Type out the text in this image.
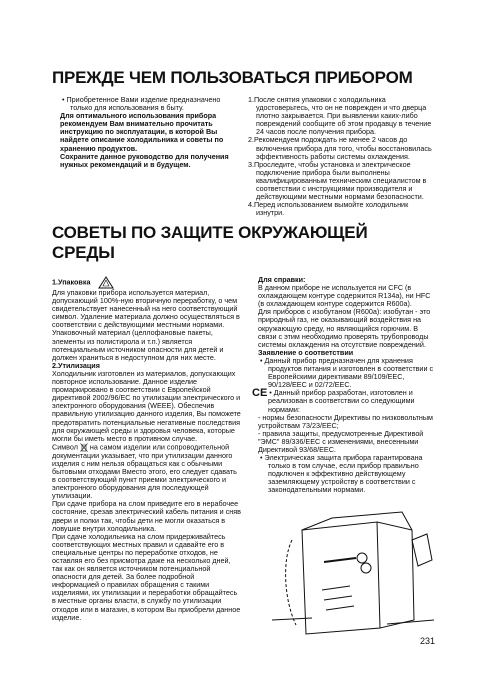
ПРЕЖДЕ ЧЕМ ПОЛЬЗОВАТЬСЯ ПРИБОРОМ

• Приобретенное Вами изделие предназначено только для использования в быту.

Для оптимального использования прибора рекомендуем Вам внимательно прочитать инструкцию по эксплуатации, в которой Вы найдете описание холодильника и советы по хранению продуктов.

Сохраните данное руководство для получения нужных рекомендаций и в будущем.

1.После снятия упаковки с холодильника удостоверьтесь, что он не поврежден и что дверца плотно закрывается. При выявлении каких-либо повреждений сообщите об этом продавцу в течение 24 часов после получения прибора.

2.Рекомендуем подождать не менее 2 часов до включения прибора для того, чтобы восстановилась эффективность работы системы охлаждения.

3.Проследите, чтобы установка и электрическое подключение прибора были выполнены квалифицированным техническим специалистом в соответствии с инструкциями производителя и действующими местными нормами безопасности.

4.Перед использованием вымойте холодильник изнутри.

СОВЕТЫ ПО ЗАЩИТЕ ОКРУЖАЮЩЕЙ
СРЕДЫ

1.Упаковка

Для упаковки прибора используется материал, допускающий 100%-ную вторичную переработку, о чем свидетельствует нанесенный на него соответствующий символ. Удаление материала должно осуществляться в соответствии с действующими местными нормами. Упаковочный материал (целлофановые пакеты, элементы из полистирола и т.п.) является потенциальным источником опасности для детей и должен храниться в недоступном для них месте.

2.Утилизация

Холодильник изготовлен из материалов, допускающих повторное использование. Данное изделие промаркировано в соответствии с Европейской директивой 2002/96/EC по утилизации электрического и электронного оборудования (WEEE). Обеспечив правильную утилизацию данного изделия, Вы поможете предотвратить потенциальные негативные последствия для окружающей среды и здоровья человека, которые могли бы иметь место в противном случае.

Символ на самом изделии или сопроводительной документации указывает, что при утилизации данного изделия с ним нельзя обращаться как с обычными бытовыми отходами Вместо этого, его следует сдавать в соответствующий пункт приемки электрического и электронного оборудования для последующей утилизации.

При сдаче прибора на слом приведите его в нерабочее состояние, срезав электрический кабель питания и сняв двери и полки так, чтобы дети не могли оказаться в ловушке внутри холодильника.

При сдаче холодильника на слом придерживайтесь соответствующих местных правил и сдавайте его в специальные центры по переработке отходов, не оставляя его без присмотра даже на несколько дней, так как он является источником потенциальной опасности для детей. За более подробной информацией о правилах обращения с такими изделиями, их утилизации и переработки обращайтесь в местные органы власти, в службу по утилизации отходов или в магазин, в котором Вы приобрели данное изделие.

Для справки:

В данном приборе не используется ни CFC (в охлаждающем контуре содержится R134a), ни HFC (в охлаждающем контуре содержится R600a).

Для приборов с изобутаном (R600a): изобутан - это природный газ, не оказывающий воздействия на окружающую среду, но являющийся горючим. В связи с этим необходимо проверять трубопроводы системы охлаждения на отсутствие повреждений.

Заявление о соответствии

• Данный прибор предназначен для хранения продуктов питания и изготовлен в соответствии с Европейскими директивами 89/109/EEC, 90/128/EEC и 02/72/EEC.

CE • Данный прибор разработан, изготовлен и реализован в соответствии со следующими нормами:

- нормы безопасности Директивы по низковольтным устройствам 73/23/EEC;

- правила защиты, предусмотренные Директивой "ЭМС" 89/336/EEC с изменениями, внесенными Директивой 93/68/EEC.

• Электрическая защита прибора гарантирована только в том случае, если прибор правильно подключен к эффективно действующему заземляющему устройству в соответствии с законодательными нормами.

231
